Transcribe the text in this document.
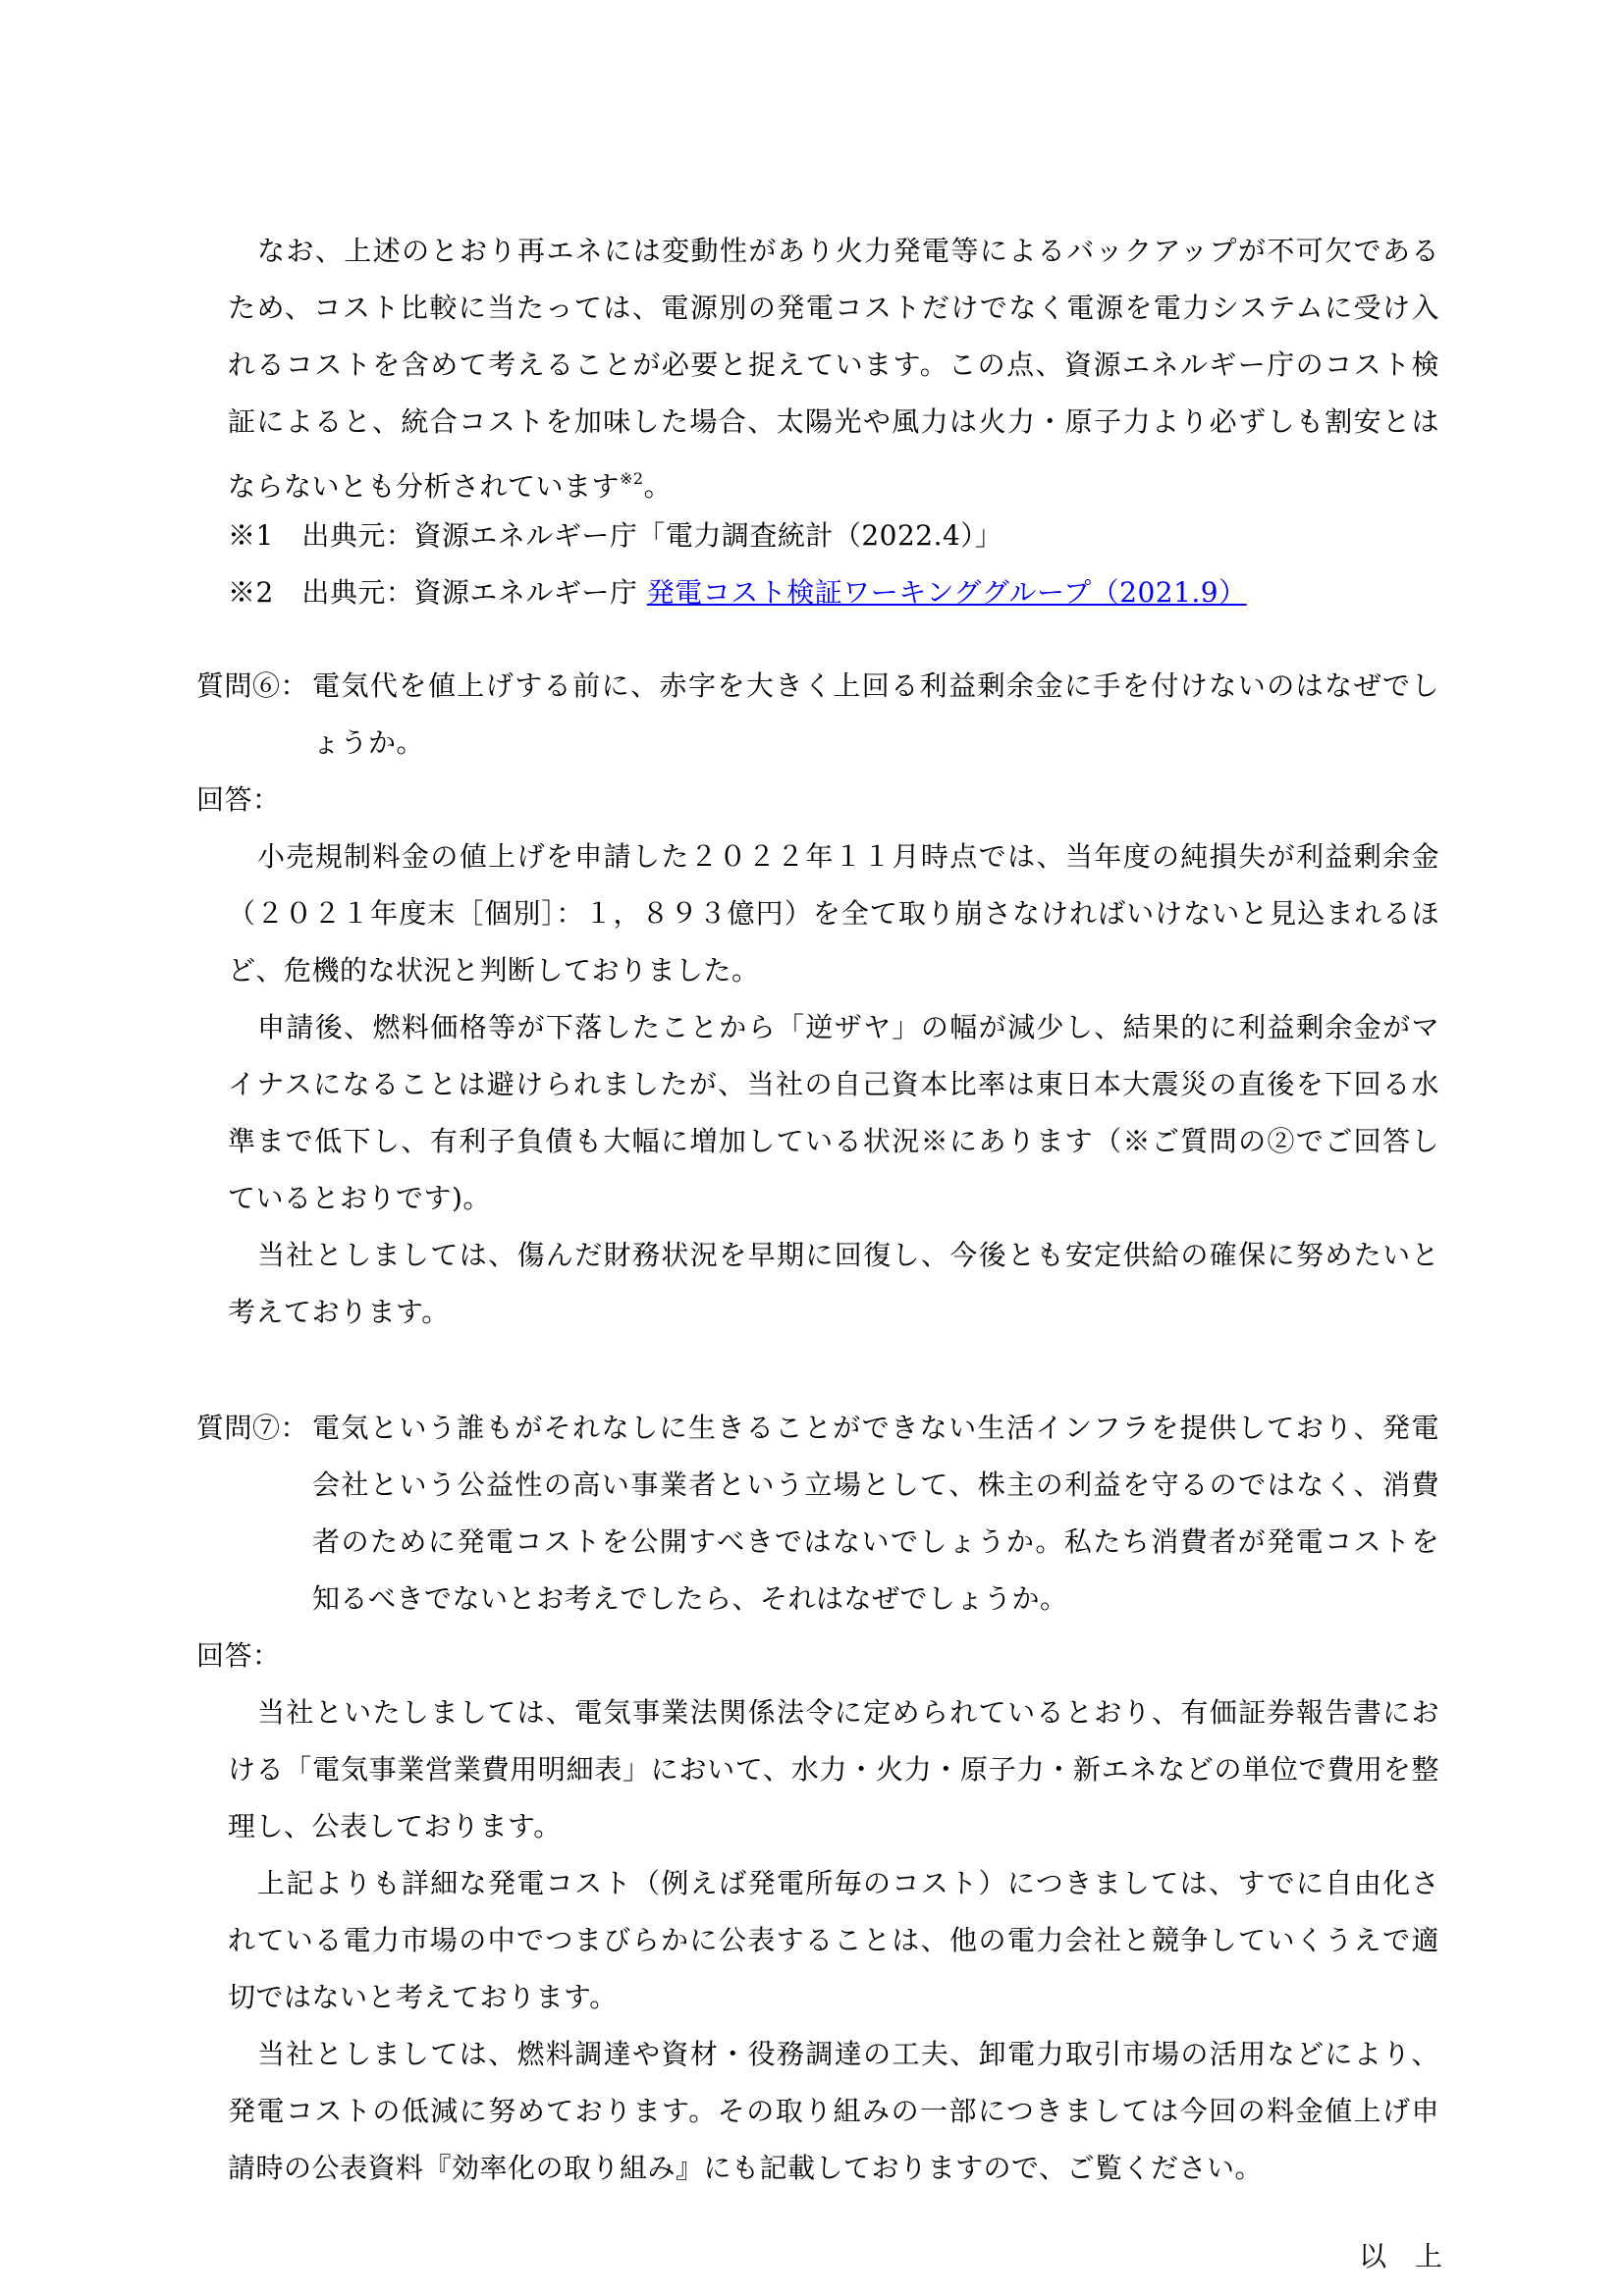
なお、上述のとおり再エネには変動性があり火力発電等によるバックアップが不可欠である
ため、コスト比較に当たっては、電源別の発電コストだけでなく電源を電力システムに受け入
れるコストを含めて考えることが必要と捉えています。この点、資源エネルギー庁のコスト検
証によると、統合コストを加味した場合、太陽光や風力は火力・原子力より必ずしも割安とは
ならないとも分析されています$^{※2}$。
※1　出典元：資源エネルギー庁「電力調査統計（2022.4）」
※2　出典元：資源エネルギー庁 発電コスト検証ワーキンググループ（2021.9）
質問⑥： 電気代を値上げする前に、赤字を大きく上回る利益剰余金に手を付けないのはなぜでし
ょうか。
回答：
小売規制料金の値上げを申請した２０２２年１１月時点では、当年度の純損失が利益剰余金
（２０２１年度末［個別］：１，８９３億円）を全て取り崩さなければいけないと見込まれるほ
ど、危機的な状況と判断しておりました。
申請後、燃料価格等が下落したことから「逆ザヤ」の幅が減少し、結果的に利益剰余金がマ
イナスになることは避けられましたが、当社の自己資本比率は東日本大震災の直後を下回る水
準まで低下し、有利子負債も大幅に増加している状況※にあります（※ご質問の②でご回答し
ているとおりです)。
当社としましては、傷んだ財務状況を早期に回復し、今後とも安定供給の確保に努めたいと
考えております。
質問⑦： 電気という誰もがそれなしに生きることができない生活インフラを提供しており、発電
会社という公益性の高い事業者という立場として、株主の利益を守るのではなく、消費
者のために発電コストを公開すべきではないでしょうか。私たち消費者が発電コストを
知るべきでないとお考えでしたら、それはなぜでしょうか。
回答：
当社といたしましては、電気事業法関係法令に定められているとおり、有価証券報告書にお
ける「電気事業営業費用明細表」において、水力・火力・原子力・新エネなどの単位で費用を整
理し、公表しております。
上記よりも詳細な発電コスト（例えば発電所毎のコスト）につきましては、すでに自由化さ
れている電力市場の中でつまびらかに公表することは、他の電力会社と競争していくうえで適
切ではないと考えております。
当社としましては、燃料調達や資材・役務調達の工夫、卸電力取引市場の活用などにより、
発電コストの低減に努めております。その取り組みの一部につきましては今回の料金値上げ申
請時の公表資料『効率化の取り組み』にも記載しておりますので、ご覧ください。
以　上
